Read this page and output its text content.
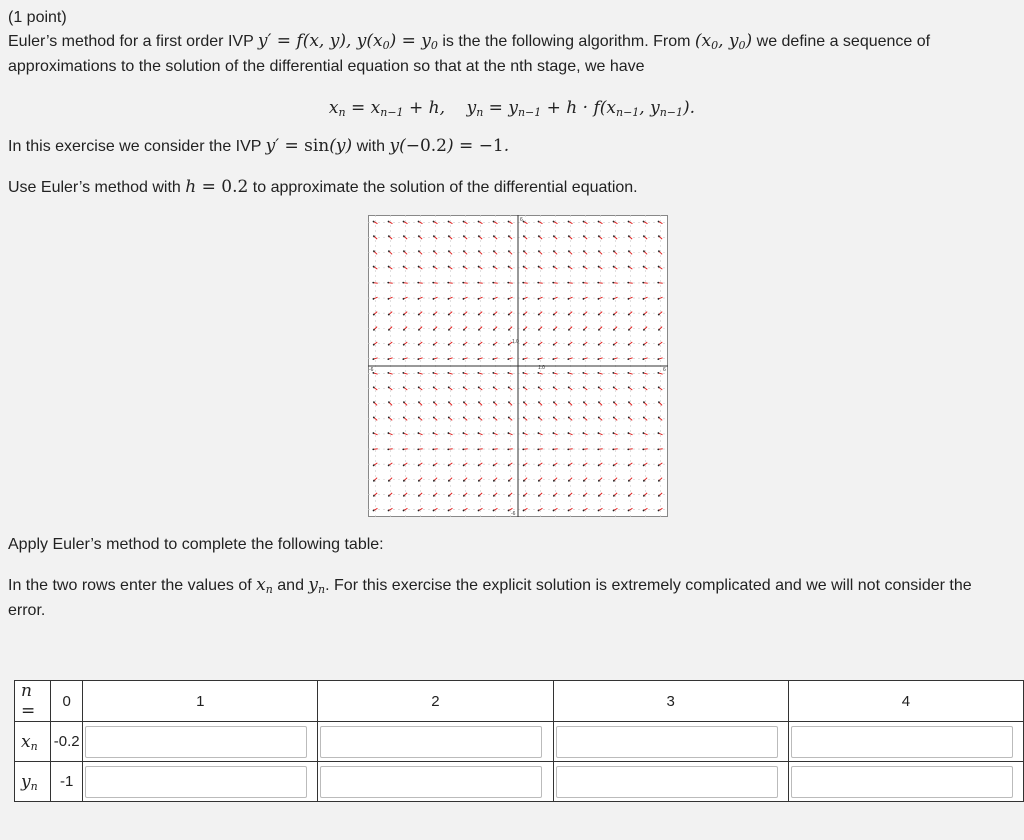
(1 point)

Euler’s method for a first order IVP y′ = f(x, y), y(x0) = y0 is the the following algorithm. From (x0, y0) we define a sequence of approximations to the solution of the differential equation so that at the nth stage, we have

xn = xn−1 + h,    yn = yn−1 + h · f(xn−1, yn−1).

In this exercise we consider the IVP y′ = sin(y) with y(−0.2) = −1.

Use Euler’s method with h = 0.2 to approximate the solution of the differential equation.

6
-6	6
-6
1.0
1.0

Apply Euler’s method to complete the following table:

In the two rows enter the values of xn and yn. For this exercise the explicit solution is extremely complicated and we will not consider the error.

n =	0	1	2	3	4
xn	-0.2	

yn	-1	
